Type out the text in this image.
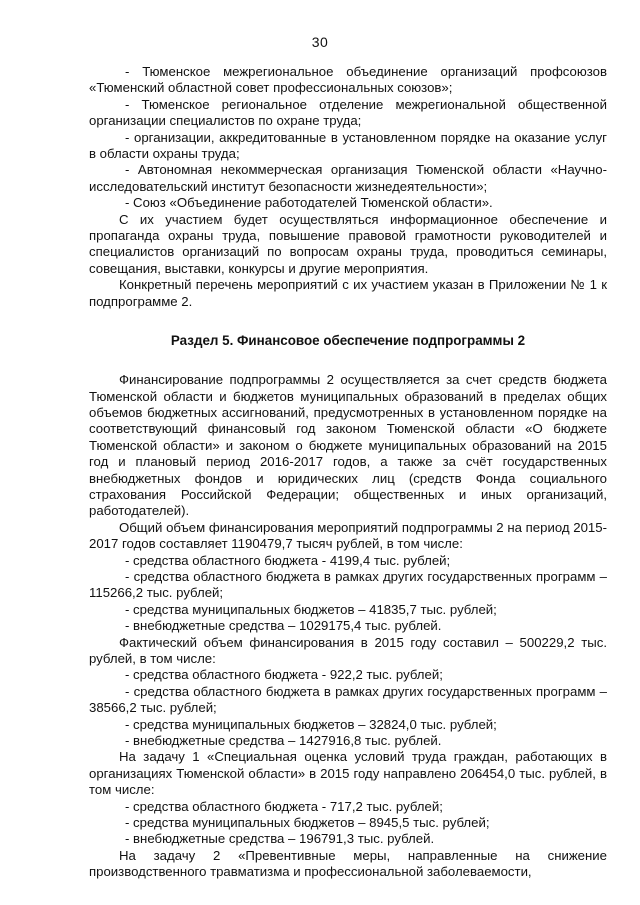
30

- Тюменское межрегиональное объединение организаций профсоюзов «Тюменский областной совет профессиональных союзов»;

- Тюменское региональное отделение межрегиональной общественной организации специалистов по охране труда;

- организации, аккредитованные в установленном порядке на оказание услуг в области охраны труда;

- Автономная некоммерческая организация Тюменской области «Научно-исследовательский институт безопасности жизнедеятельности»;

- Союз «Объединение работодателей Тюменской области».

С их участием будет осуществляться информационное обеспечение и пропаганда охраны труда, повышение правовой грамотности руководителей и специалистов организаций по вопросам охраны труда, проводиться семинары, совещания, выставки, конкурсы и другие мероприятия.

Конкретный перечень мероприятий с их участием указан в Приложении № 1 к подпрограмме 2.

Раздел 5. Финансовое обеспечение подпрограммы 2

Финансирование подпрограммы 2 осуществляется за счет средств бюджета Тюменской области и бюджетов муниципальных образований в пределах общих объемов бюджетных ассигнований, предусмотренных в установленном порядке на соответствующий финансовый год законом Тюменской области «О бюджете Тюменской области» и законом о бюджете муниципальных образований на 2015 год и плановый период 2016-2017 годов, а также за счёт государственных внебюджетных фондов и юридических лиц (средств Фонда социального страхования Российской Федерации; общественных и иных организаций, работодателей).

Общий объем финансирования мероприятий подпрограммы 2 на период 2015-2017 годов составляет 1190479,7 тысяч рублей, в том числе:

- средства областного бюджета - 4199,4 тыс. рублей;

- средства областного бюджета в рамках других государственных программ – 115266,2 тыс. рублей;

- средства муниципальных бюджетов – 41835,7 тыс. рублей;

- внебюджетные средства – 1029175,4 тыс. рублей.

Фактический объем финансирования в 2015 году составил – 500229,2 тыс. рублей, в том числе:

- средства областного бюджета - 922,2 тыс. рублей;

- средства областного бюджета в рамках других государственных программ – 38566,2 тыс. рублей;

- средства муниципальных бюджетов – 32824,0 тыс. рублей;

- внебюджетные средства – 1427916,8 тыс. рублей.

На задачу 1 «Специальная оценка условий труда граждан, работающих в организациях Тюменской области» в 2015 году направлено 206454,0 тыс. рублей, в том числе:

- средства областного бюджета - 717,2 тыс. рублей;

- средства муниципальных бюджетов – 8945,5 тыс. рублей;

- внебюджетные средства – 196791,3 тыс. рублей.

На задачу 2 «Превентивные меры, направленные на снижение производственного травматизма и профессиональной заболеваемости,
